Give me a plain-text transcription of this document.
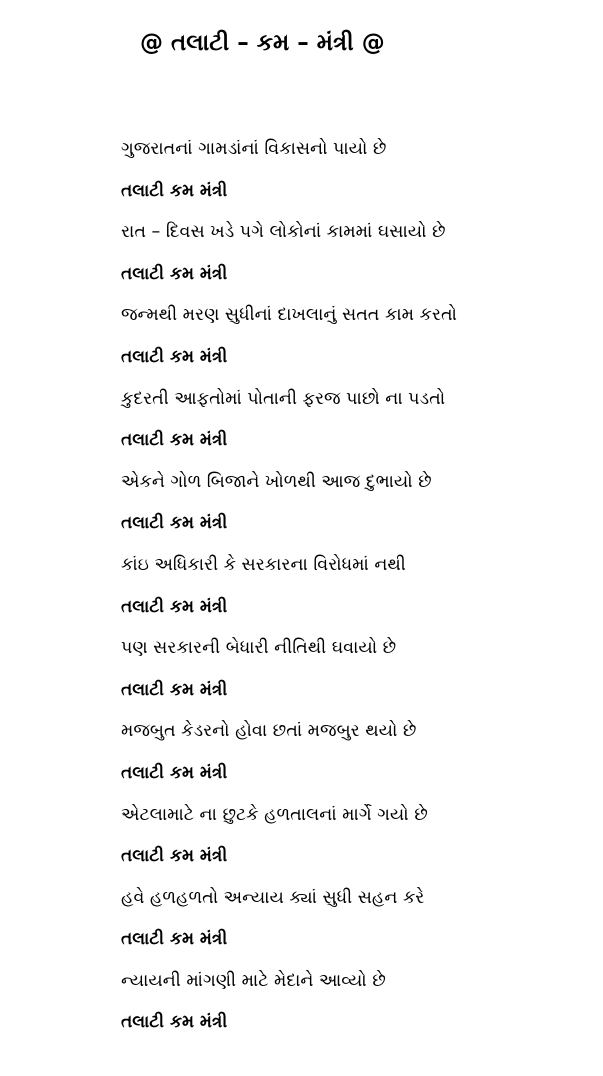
@ તલાટી – કમ – મંત્રી @
ગુજરાતનાં ગામડાંનાં વિકાસનો પાયો છે
તલાટી કમ મંત્રી
રાત – દિવસ ખડે પગે લોકોનાં કામમાં ઘસાયો છે
તલાટી કમ મંત્રી
જન્મથી મરણ સુધીનાં દાખલાનું સતત કામ કરતો
તલાટી કમ મંત્રી
કુદરતી આફતોમાં પોતાની ફરજ પાછો ના પડતો
તલાટી કમ મંત્રી
એકને ગોળ બિજાને ખોળથી આજ દુભાયો છે
તલાટી કમ મંત્રી
કાંઇ અધિકારી કે સરકારના વિરોધમાં નથી
તલાટી કમ મંત્રી
પણ સરકારની બેધારી નીતિથી ઘવાયો છે
તલાટી કમ મંત્રી
મજબુત કેડરનો હોવા છતાં મજબુર થયો છે
તલાટી કમ મંત્રી
એટલામાટે ના છુટકે હળતાલનાં માર્ગે ગયો છે
તલાટી કમ મંત્રી
હવે હળહળતો અન્યાય ક્યાં સુધી સહન કરે
તલાટી કમ મંત્રી
ન્યાયની માંગણી માટે મેદાને આવ્યો છે
તલાટી કમ મંત્રી
